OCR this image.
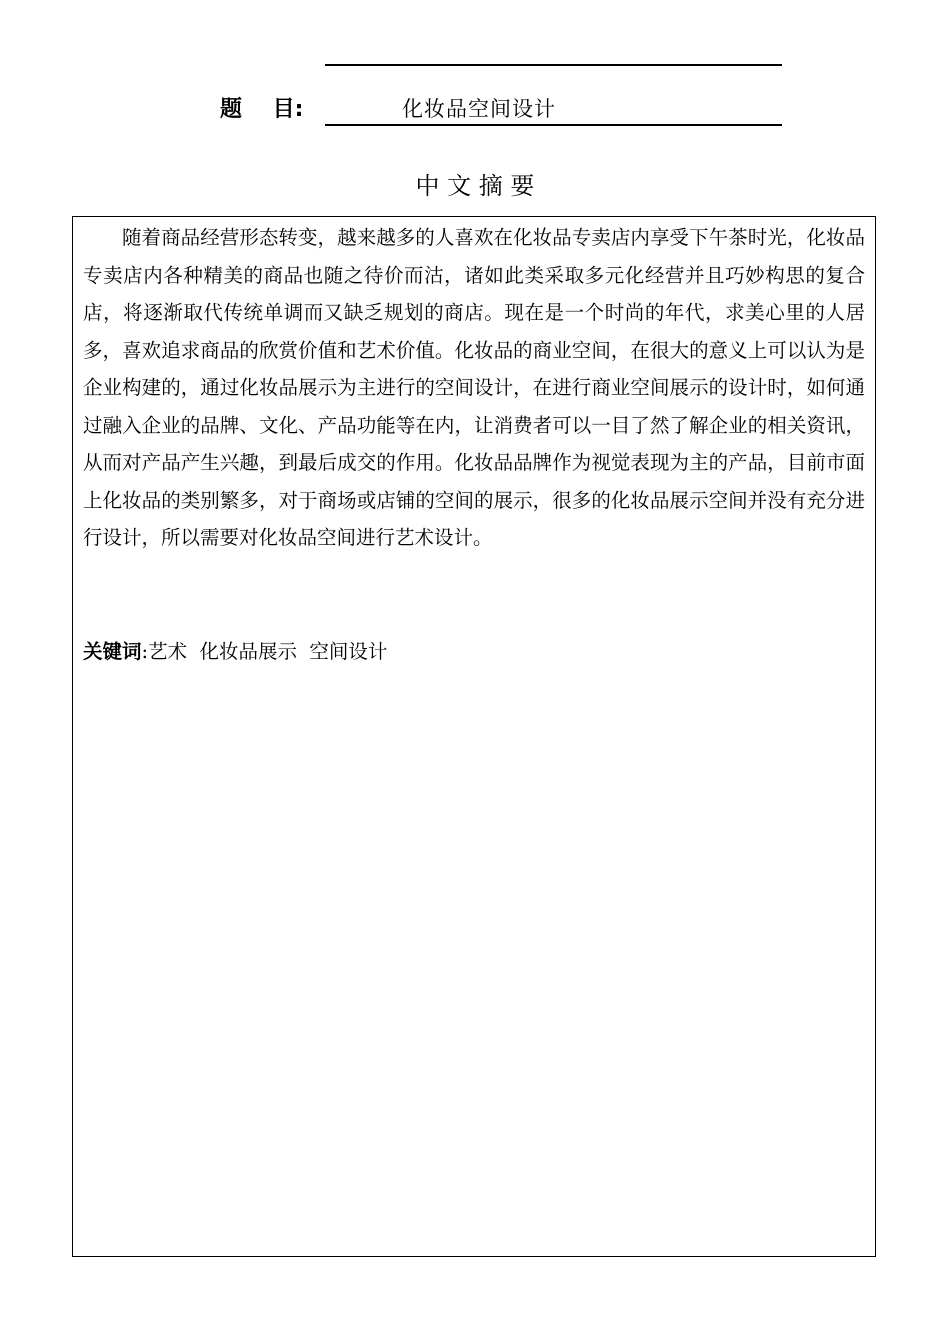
题    目:	化妆品空间设计
中 文 摘 要

随着商品经营形态转变，越来越多的人喜欢在化妆品专卖店内享受下午茶时光，化妆品专卖店内各种精美的商品也随之待价而沽，诸如此类采取多元化经营并且巧妙构思的复合店，将逐渐取代传统单调而又缺乏规划的商店。现在是一个时尚的年代，求美心里的人居多，喜欢追求商品的欣赏价值和艺术价值。化妆品的商业空间，在很大的意义上可以认为是企业构建的，通过化妆品展示为主进行的空间设计，在进行商业空间展示的设计时，如何通过融入企业的品牌、文化、产品功能等在内，让消费者可以一目了然了解企业的相关资讯，从而对产品产生兴趣，到最后成交的作用。化妆品品牌作为视觉表现为主的产品，目前市面上化妆品的类别繁多，对于商场或店铺的空间的展示，很多的化妆品展示空间并没有充分进行设计，所以需要对化妆品空间进行艺术设计。

关键词:艺术  化妆品展示  空间设计
